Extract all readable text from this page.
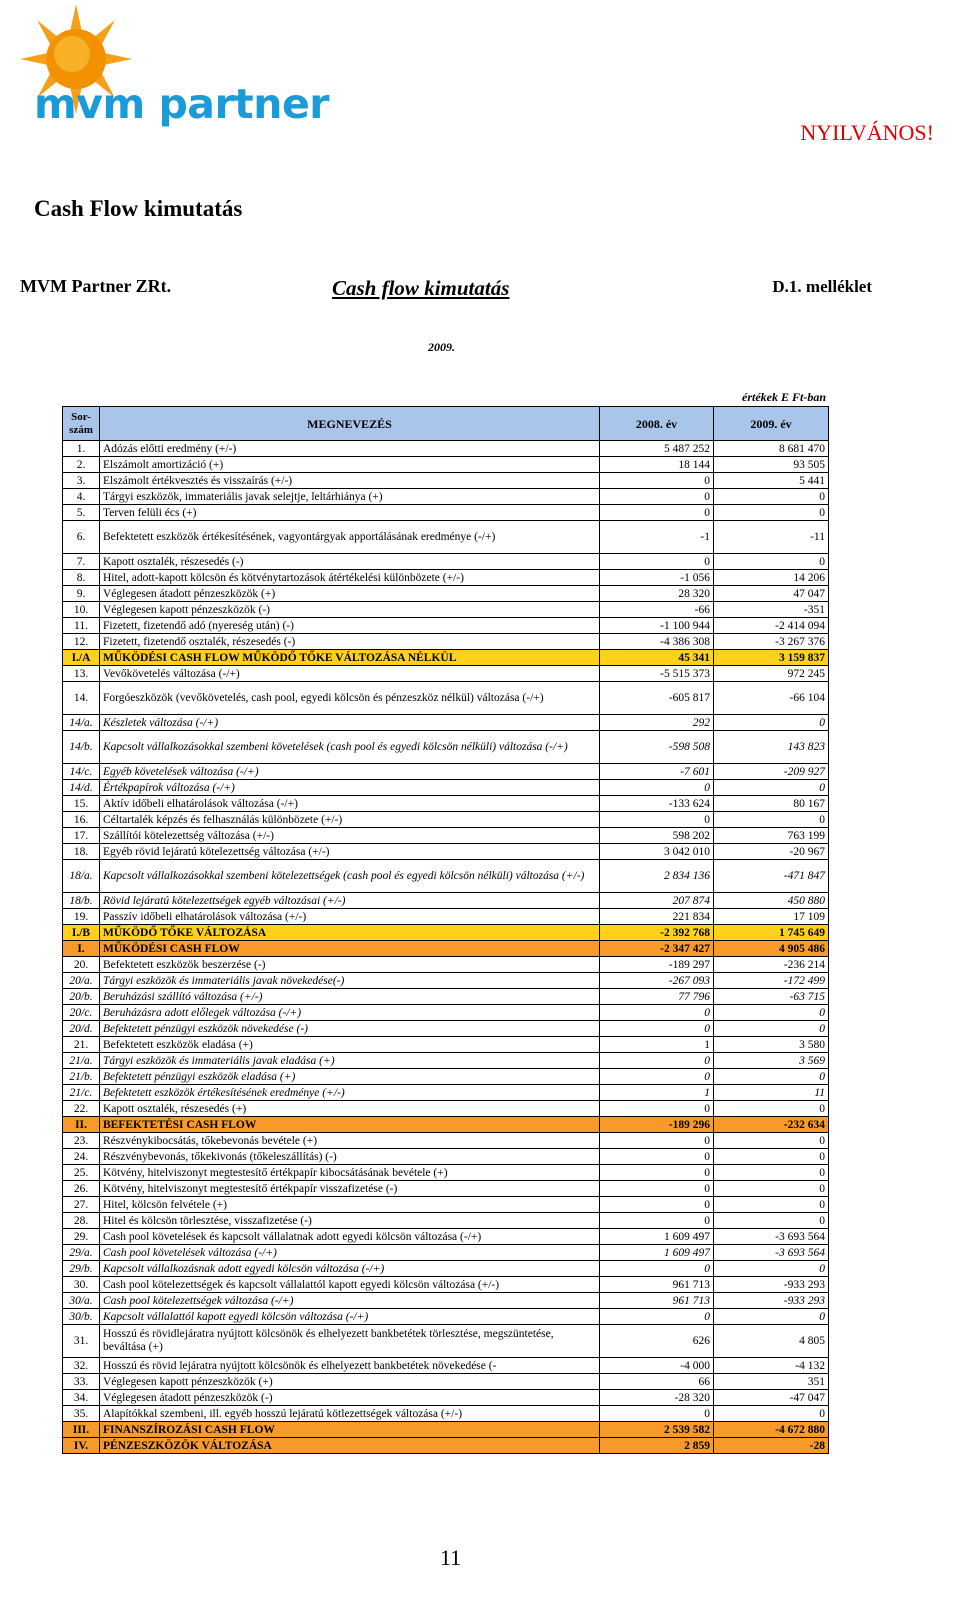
mvm partner
NYILVÁNOS!
Cash Flow kimutatás
MVM Partner ZRt.	Cash flow kimutatás	D.1. melléklet
2009.
értékek E Ft-ban
Sor-szám	MEGNEVEZÉS	2008. év	2009. év
1.	Adózás előtti eredmény (+/-)	5 487 252	8 681 470
2.	Elszámolt amortizáció (+)	18 144	93 505
3.	Elszámolt értékvesztés és visszaírás (+/-)	0	5 441
4.	Tárgyi eszközök, immateriális javak selejtje, leltárhiánya (+)	0	0
5.	Terven felüli écs (+)	0	0
6.	Befektetett eszközök értékesítésének, vagyontárgyak apportálásának eredménye (-/+)	-1	-11
7.	Kapott osztalék, részesedés (-)	0	0
8.	Hitel, adott-kapott kölcsön és kötvénytartozások átértékelési különbözete (+/-)	-1 056	14 206
9.	Véglegesen átadott pénzeszközök (+)	28 320	47 047
10.	Véglegesen kapott pénzeszközök (-)	-66	-351
11.	Fizetett, fizetendő adó (nyereség után) (-)	-1 100 944	-2 414 094
12.	Fizetett, fizetendő osztalék, részesedés (-)	-4 386 308	-3 267 376
I./A	MŰKÖDÉSI CASH FLOW MŰKÖDŐ TŐKE VÁLTOZÁSA NÉLKÜL	45 341	3 159 837
13.	Vevőkövetelés változása (-/+)	-5 515 373	972 245
14.	Forgóeszközök (vevőkövetelés, cash pool, egyedi kölcsön és pénzeszköz nélkül) változása (-/+)	-605 817	-66 104
14/a.	Készletek változása (-/+)	292	0
14/b.	Kapcsolt vállalkozásokkal szembeni követelések (cash pool és egyedi kölcsön nélküli) változása (-/+)	-598 508	143 823
14/c.	Egyéb követelések változása (-/+)	-7 601	-209 927
14/d.	Értékpapírok változása (-/+)	0	0
15.	Aktív időbeli elhatárolások változása (-/+)	-133 624	80 167
16.	Céltartalék képzés és felhasználás különbözete (+/-)	0	0
17.	Szállítói kötelezettség változása (+/-)	598 202	763 199
18.	Egyéb rövid lejáratú kötelezettség változása (+/-)	3 042 010	-20 967
18/a.	Kapcsolt vállalkozásokkal szembeni kötelezettségek (cash pool és egyedi kölcsön nélküli) változása (+/-)	2 834 136	-471 847
18/b.	Rövid lejáratú kötelezettségek egyéb változásai (+/-)	207 874	450 880
19.	Passzív időbeli elhatárolások változása (+/-)	221 834	17 109
I./B	MŰKÖDŐ TŐKE VÁLTOZÁSA	-2 392 768	1 745 649
I.	MŰKÖDÉSI CASH FLOW	-2 347 427	4 905 486
20.	Befektetett eszközök beszerzése (-)	-189 297	-236 214
20/a.	Tárgyi eszközök és immateriális javak növekedése(-)	-267 093	-172 499
20/b.	Beruházási szállító változása (+/-)	77 796	-63 715
20/c.	Beruházásra adott előlegek változása (-/+)	0	0
20/d.	Befektetett pénzügyi eszközök növekedése (-)	0	0
21.	Befektetett eszközök eladása (+)	1	3 580
21/a.	Tárgyi eszközök és immateriális javak eladása (+)	0	3 569
21/b.	Befektetett pénzügyi eszközök eladása (+)	0	0
21/c.	Befektetett eszközök értékesítésének eredménye (+/-)	1	11
22.	Kapott osztalék, részesedés (+)	0	0
II.	BEFEKTETÉSI CASH FLOW	-189 296	-232 634
23.	Részvénykibocsátás, tőkebevonás bevétele (+)	0	0
24.	Részvénybevonás, tőkekivonás (tőkeleszállítás) (-)	0	0
25.	Kötvény, hitelviszonyt megtestesítő értékpapír kibocsátásának bevétele (+)	0	0
26.	Kötvény, hitelviszonyt megtestesítő értékpapír visszafizetése (-)	0	0
27.	Hitel, kölcsön felvétele (+)	0	0
28.	Hitel és kölcsön törlesztése, visszafizetése (-)	0	0
29.	Cash pool követelések és kapcsolt vállalatnak adott egyedi kölcsön változása (-/+)	1 609 497	-3 693 564
29/a.	Cash pool követelések változása (-/+)	1 609 497	-3 693 564
29/b.	Kapcsolt vállalkozásnak adott egyedi kölcsön változása (-/+)	0	0
30.	Cash pool kötelezettségek és kapcsolt vállalattól kapott egyedi kölcsön változása (+/-)	961 713	-933 293
30/a.	Cash pool kötelezettségek változása (-/+)	961 713	-933 293
30/b.	Kapcsolt vállalattól kapott egyedi kölcsön változása (-/+)	0	0
31.	Hosszú és rövidlejáratra nyújtott kölcsönök és elhelyezett bankbetétek törlesztése, megszüntetése, beváltása (+)	626	4 805
32.	Hosszú és rövid lejáratra nyújtott kölcsönök és elhelyezett bankbetétek növekedése (-	-4 000	-4 132
33.	Véglegesen kapott pénzeszközök (+)	66	351
34.	Véglegesen átadott pénzeszközök (-)	-28 320	-47 047
35.	Alapítókkal szembeni, ill. egyéb hosszú lejáratú kötlezettségek változása (+/-)	0	0
III.	FINANSZÍROZÁSI CASH FLOW	2 539 582	-4 672 880
IV.	PÉNZESZKÖZÖK VÁLTOZÁSA	2 859	-28
11
